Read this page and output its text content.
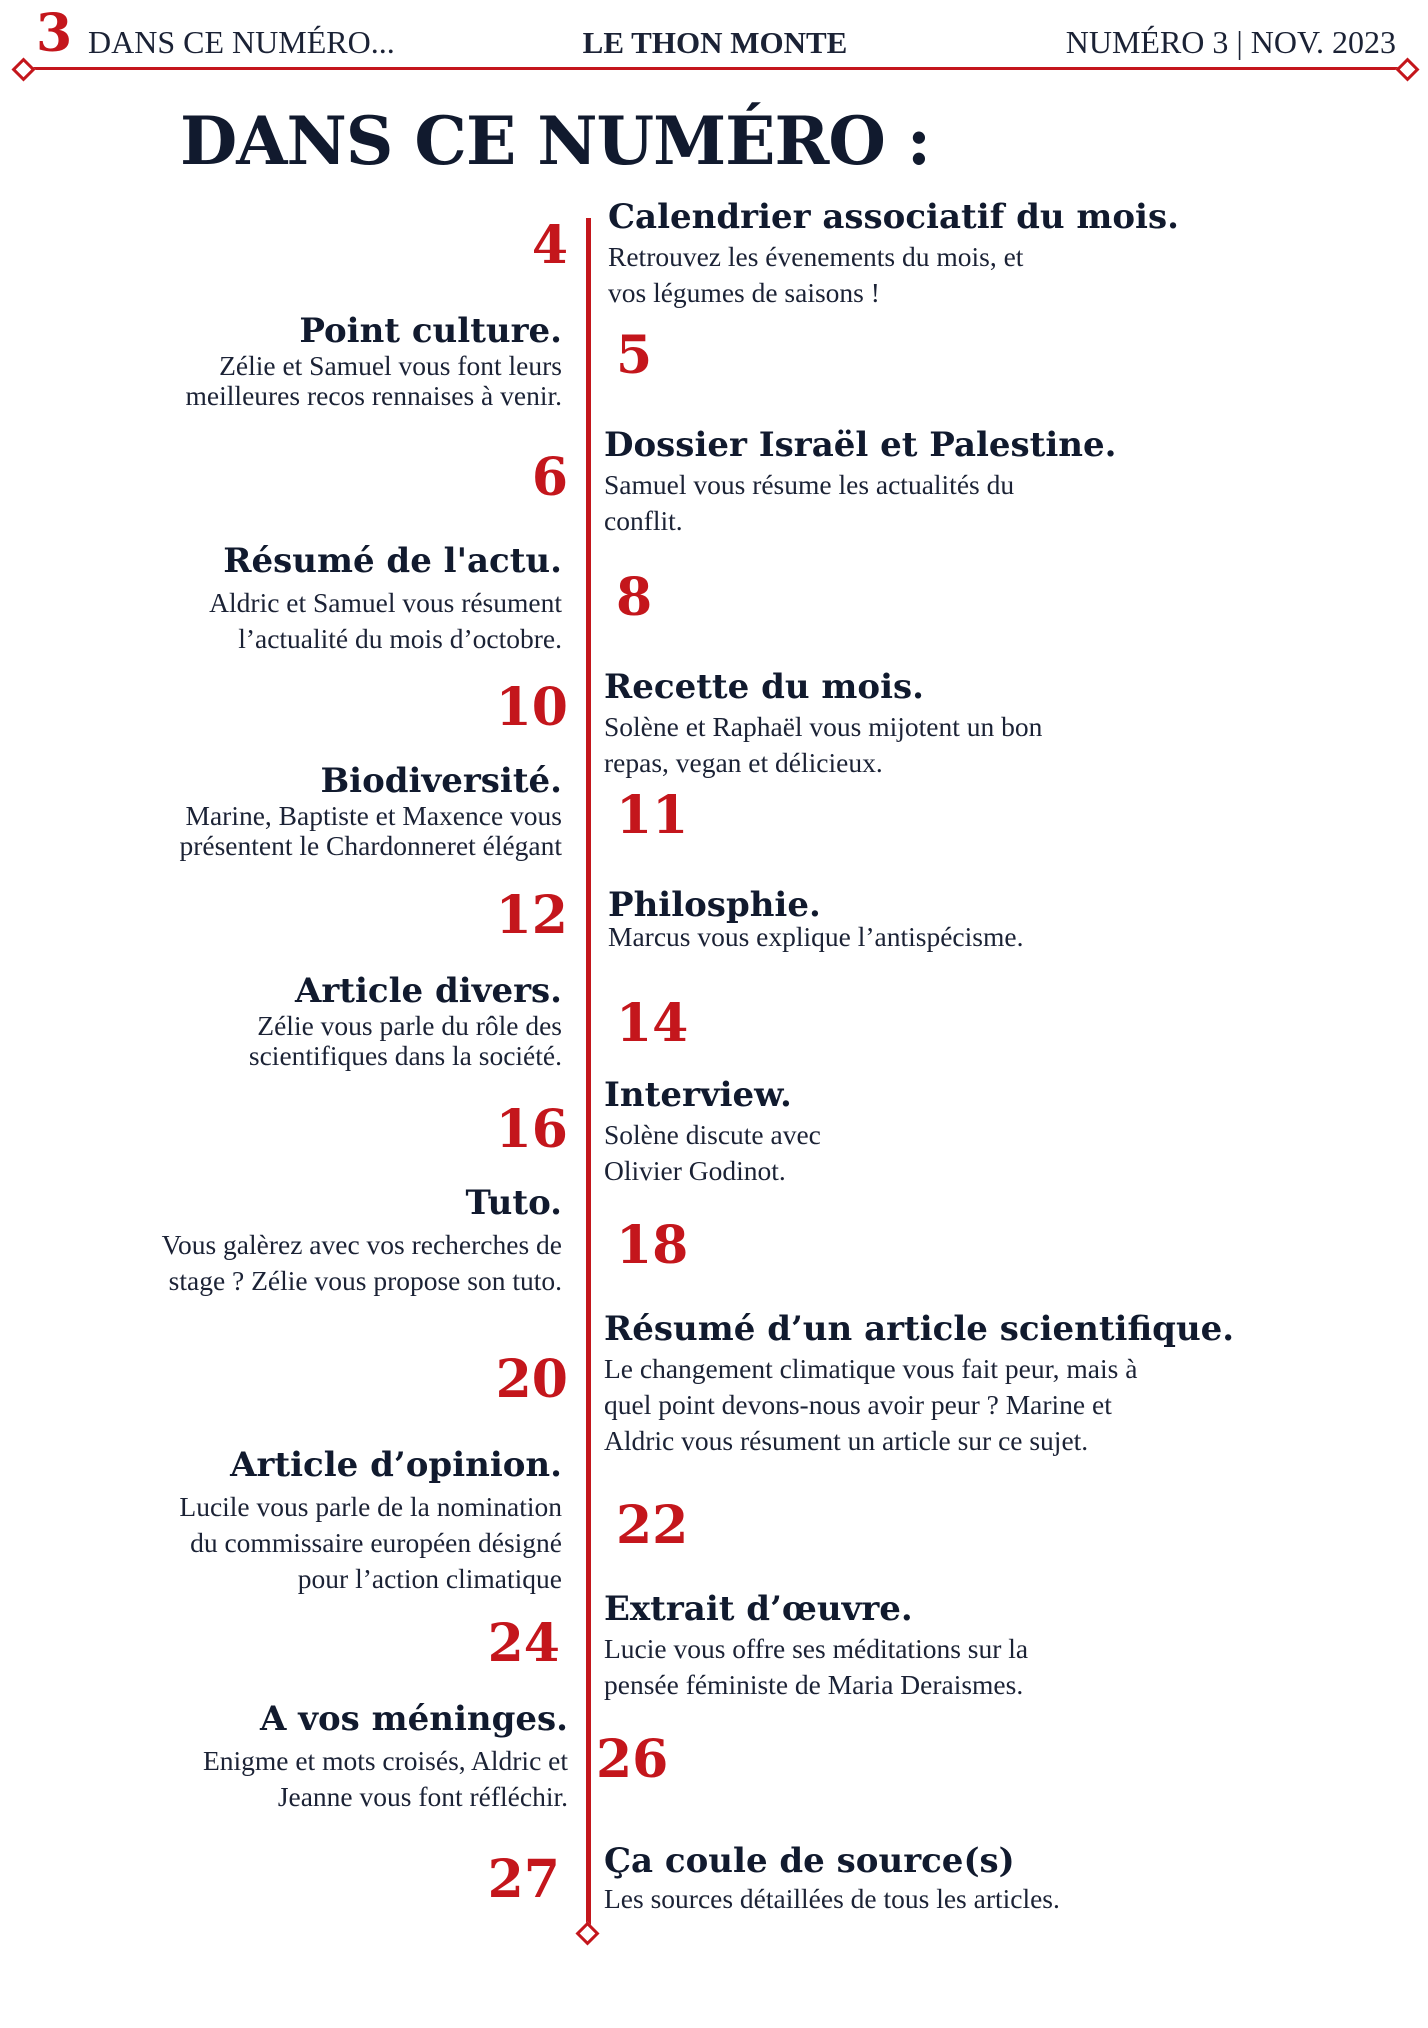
3 DANS CE NUMÉRO...	LE THON MONTE	NUMÉRO 3 | NOV. 2023
DANS CE NUMÉRO :
4 Calendrier associatif du mois.
Retrouvez les évenements du mois, et
vos légumes de saisons !
Point culture.
Zélie et Samuel vous font leurs
meilleures recos rennaises à venir.
5
6
Dossier Israël et Palestine.
Samuel vous résume les actualités du
conflit.
Résumé de l'actu.
Aldric et Samuel vous résument
l’actualité du mois d’octobre.
8
10 Recette du mois.
Solène et Raphaël vous mijotent un bon
repas, vegan et délicieux.
Biodiversité.
Marine, Baptiste et Maxence vous
présentent le Chardonneret élégant 11
12 Philosphie.
Marcus vous explique l’antispécisme.
Article divers.
Zélie vous parle du rôle des
scientifiques dans la société.
14
16
Interview.
Solène discute avec
Olivier Godinot.
Tuto.
Vous galèrez avec vos recherches de
stage ? Zélie vous propose son tuto.
18
20
Résumé d’un article scientifique.
Le changement climatique vous fait peur, mais à
quel point devons-nous avoir peur ? Marine et
Aldric vous résument un article sur ce sujet.
Article d’opinion.
Lucile vous parle de la nomination
du commissaire européen désigné
pour l’action climatique
22
24
Extrait d’œuvre.
Lucie vous offre ses méditations sur la
pensée féministe de Maria Deraismes.
A vos méninges.
Enigme et mots croisés, Aldric et
Jeanne vous font réfléchir.
26
27 Ça coule de source(s)
Les sources détaillées de tous les articles.
